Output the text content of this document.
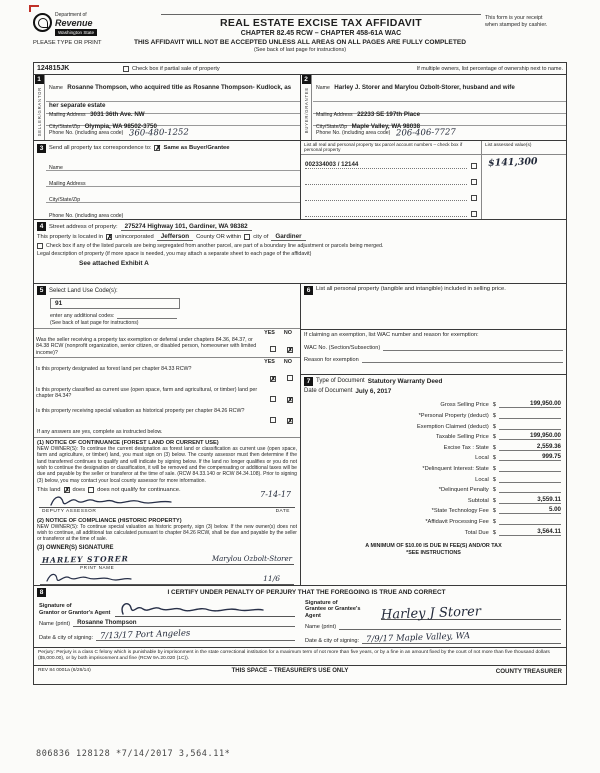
Department of
Revenue
Washington State
REAL ESTATE EXCISE TAX AFFIDAVIT
CHAPTER 82.45 RCW – CHAPTER 458-61A WAC
This form is your receipt
when stamped by cashier.
PLEASE TYPE OR PRINT	THIS AFFIDAVIT WILL NOT BE ACCEPTED UNLESS ALL AREAS ON ALL PAGES ARE FULLY COMPLETED
(See back of last page for instructions)
124815JK	Check box if partial sale of property	If multiple owners, list percentage of ownership next to name.
1
SELLER/GRANTOR	Name Rosanne Thompson, who acquired title as Rosanne Thompson- Kudlock, as her separate estate
Mailing Address 3031 36th Ave. NW
City/State/Zip Olympia, WA 98502-3750
Phone No. (including area code) 360-480-1252
2
BUYER/GRANTEE	Name Harley J. Storer and Marylou Ozbolt-Storer, husband and wife
Mailing Address 22233 SE 197th Place
City/State/Zip Maple Valley, WA 98038
Phone No. (including area code) 206-406-7727
3 Send all property tax correspondence to: ✗ Same as Buyer/Grantee
Name
Mailing Address
City/State/Zip
Phone No. (including area code)
List all real and personal property tax parcel account numbers – check box if personal property
List assessed value(s)
002334003 / 12144	$141,300
4 Street address of property:	275274 Highway 101, Gardiner, WA 98382
This property is located in ✗ unincorporated	Jefferson	County OR within city of	Gardiner
Check box if any of the listed parcels are being segregated from another parcel, are part of a boundary line adjustment or parcels being merged.
Legal description of property (if more space is needed, you may attach a separate sheet to each page of the affidavit)
See attached Exhibit A
5 Select Land Use Code(s):
91
enter any additional codes:
(See back of last page for instructions)
YES NO
Was the seller receiving a property tax exemption or deferral under chapters 84.36, 84.37, or 84.38 RCW (nonprofit organization, senior citizen, or disabled person, homeowner with limited income)?	✗
YES NO
Is this property designated as forest land per chapter 84.33 RCW?
✗
Is this property classified as current use (open space, farm and agricultural, or timber) land per chapter 84.34?
✗
Is this property receiving special valuation as historical property per chapter 84.26 RCW?
✗
If any answers are yes, complete as instructed below.
(1) NOTICE OF CONTINUANCE (FOREST LAND OR CURRENT USE)
NEW OWNER(S): To continue the current designation as forest land or classification as current use (open space, farm and agriculture, or timber) land, you must sign on (3) below. The county assessor must then determine if the land transferred continues to qualify and will indicate by signing below. If the land no longer qualifies or you do not wish to continue the designation or classification, it will be removed and the compensating or additional taxes will be due and payable by the seller or transferor at the time of sale. (RCW 84.33.140 or RCW 84.34.108). Prior to signing (3) below, you may contact your local county assessor for more information.
This land ✗ does does not qualify for continuance.	7-14-17
DEPUTY ASSESSOR	DATE
(2) NOTICE OF COMPLIANCE (HISTORIC PROPERTY)
NEW OWNER(S): To continue special valuation as historic property, sign (3) below. If the new owner(s) does not wish to continue, all additional tax calculated pursuant to chapter 84.26 RCW, shall be due and payable by the seller or transferor at the time of sale.
(3) OWNER(S) SIGNATURE
HARLEY STORER	Marylou Ozbolt-Storer
PRINT NAME
11/6
6 List all personal property (tangible and intangible) included in selling price.
If claiming an exemption, list WAC number and reason for exemption:
WAC No. (Section/Subsection)
Reason for exemption
7 Type of Document Statutory Warranty Deed
Date of Document July 6, 2017
Gross Selling Price $	199,950.00
*Personal Property (deduct) $
Exemption Claimed (deduct) $
Taxable Selling Price $	199,950.00
Excise Tax : State $	2,559.36
Local $	999.75
*Delinquent Interest: State $
Local $
*Delinquent Penalty $
Subtotal $	3,559.11
*State Technology Fee $	5.00
*Affidavit Processing Fee $
Total Due $	3,564.11
A MINIMUM OF $10.00 IS DUE IN FEE(S) AND/OR TAX
*SEE INSTRUCTIONS
8	I CERTIFY UNDER PENALTY OF PERJURY THAT THE FOREGOING IS TRUE AND CORRECT
Signature of
Grantor or Grantor's Agent
Name (print)	Rosanne Thompson
Date & city of signing: 7/13/17 Port Angeles
Signature of
Grantee or Grantee's Agent	Harley J Storer
Name (print)
Date & city of signing: 7/9/17 Maple Valley, WA
Perjury: Perjury is a class C felony which is punishable by imprisonment in the state correctional institution for a maximum term of not more than five years, or by a fine in an amount fixed by the court of not more than five thousand dollars ($5,000.00), or by both imprisonment and fine (RCW 9A.20.020 (1C)).
REV 84 0001a (6/26/14)	THIS SPACE – TREASURER'S USE ONLY	COUNTY TREASURER
806836 128128 *7/14/2017 3,564.11*
